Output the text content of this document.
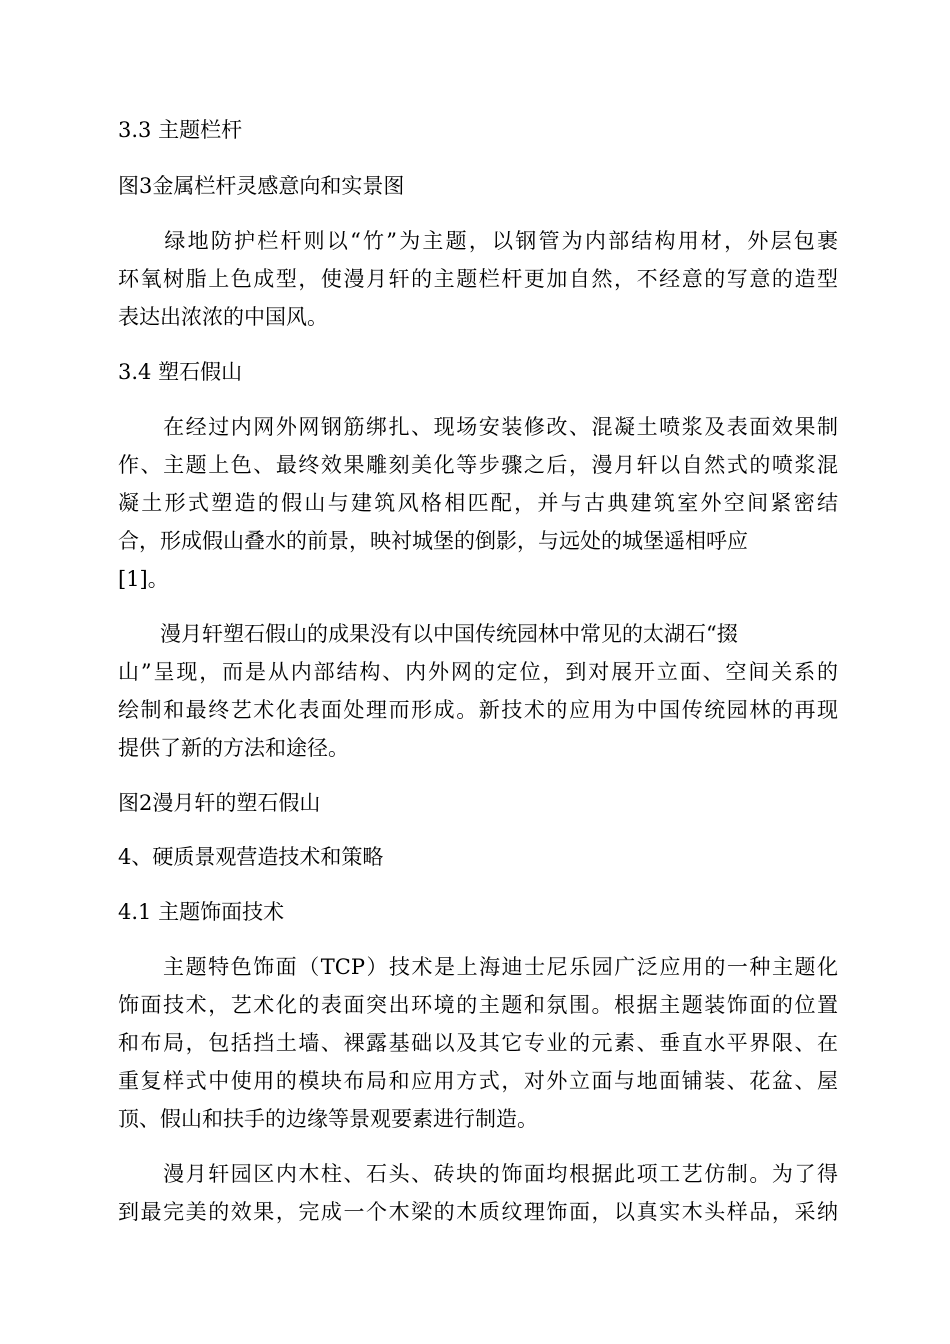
3.3 主题栏杆
图3金属栏杆灵感意向和实景图
　　绿地防护栏杆则以“竹”为主题，以钢管为内部结构用材，外层包裹
环氧树脂上色成型，使漫月轩的主题栏杆更加自然，不经意的写意的造型
表达出浓浓的中国风。
3.4 塑石假山
　　在经过内网外网钢筋绑扎、现场安装修改、混凝土喷浆及表面效果制
作、主题上色、最终效果雕刻美化等步骤之后，漫月轩以自然式的喷浆混
凝土形式塑造的假山与建筑风格相匹配，并与古典建筑室外空间紧密结
合，形成假山叠水的前景，映衬城堡的倒影，与远处的城堡遥相呼应
[1]。
　　漫月轩塑石假山的成果没有以中国传统园林中常见的太湖石“掇
山”呈现，而是从内部结构、内外网的定位，到对展开立面、空间关系的
绘制和最终艺术化表面处理而形成。新技术的应用为中国传统园林的再现
提供了新的方法和途径。
图2漫月轩的塑石假山
4、硬质景观营造技术和策略
4.1 主题饰面技术
　　主题特色饰面（TCP）技术是上海迪士尼乐园广泛应用的一种主题化
饰面技术，艺术化的表面突出环境的主题和氛围。根据主题装饰面的位置
和布局，包括挡土墙、裸露基础以及其它专业的元素、垂直水平界限、在
重复样式中使用的模块布局和应用方式，对外立面与地面铺装、花盆、屋
顶、假山和扶手的边缘等景观要素进行制造。
　　漫月轩园区内木柱、石头、砖块的饰面均根据此项工艺仿制。为了得
到最完美的效果，完成一个木梁的木质纹理饰面，以真实木头样品，采纳
